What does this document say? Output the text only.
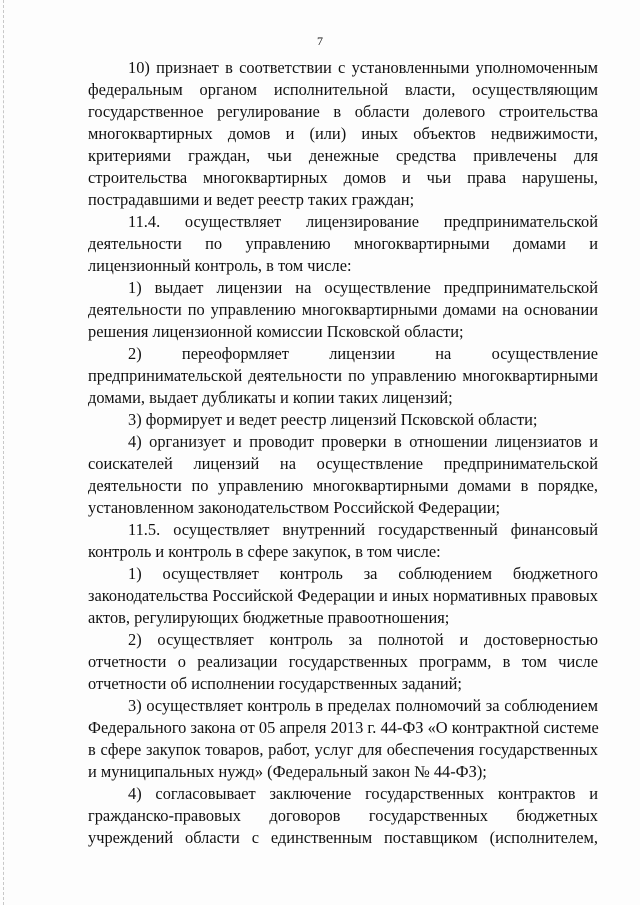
7
10) признает в соответствии с установленными уполномоченным
федеральным органом исполнительной власти, осуществляющим
государственное регулирование в области долевого строительства
многоквартирных домов и (или) иных объектов недвижимости,
критериями граждан, чьи денежные средства привлечены для
строительства многоквартирных домов и чьи права нарушены,
пострадавшими и ведет реестр таких граждан;
11.4. осуществляет лицензирование предпринимательской
деятельности по управлению многоквартирными домами и
лицензионный контроль, в том числе:
1) выдает лицензии на осуществление предпринимательской
деятельности по управлению многоквартирными домами на основании
решения лицензионной комиссии Псковской области;
2) переоформляет лицензии на осуществление
предпринимательской деятельности по управлению многоквартирными
домами, выдает дубликаты и копии таких лицензий;
3) формирует и ведет реестр лицензий Псковской области;
4) организует и проводит проверки в отношении лицензиатов и
соискателей лицензий на осуществление предпринимательской
деятельности по управлению многоквартирными домами в порядке,
установленном законодательством Российской Федерации;
11.5. осуществляет внутренний государственный финансовый
контроль и контроль в сфере закупок, в том числе:
1) осуществляет контроль за соблюдением бюджетного
законодательства Российской Федерации и иных нормативных правовых
актов, регулирующих бюджетные правоотношения;
2) осуществляет контроль за полнотой и достоверностью
отчетности о реализации государственных программ, в том числе
отчетности об исполнении государственных заданий;
3) осуществляет контроль в пределах полномочий за соблюдением
Федерального закона от 05 апреля 2013 г. 44-ФЗ «О контрактной системе
в сфере закупок товаров, работ, услуг для обеспечения государственных
и муниципальных нужд» (Федеральный закон № 44-ФЗ);
4) согласовывает заключение государственных контрактов и
гражданско-правовых договоров государственных бюджетных
учреждений области с единственным поставщиком (исполнителем,
